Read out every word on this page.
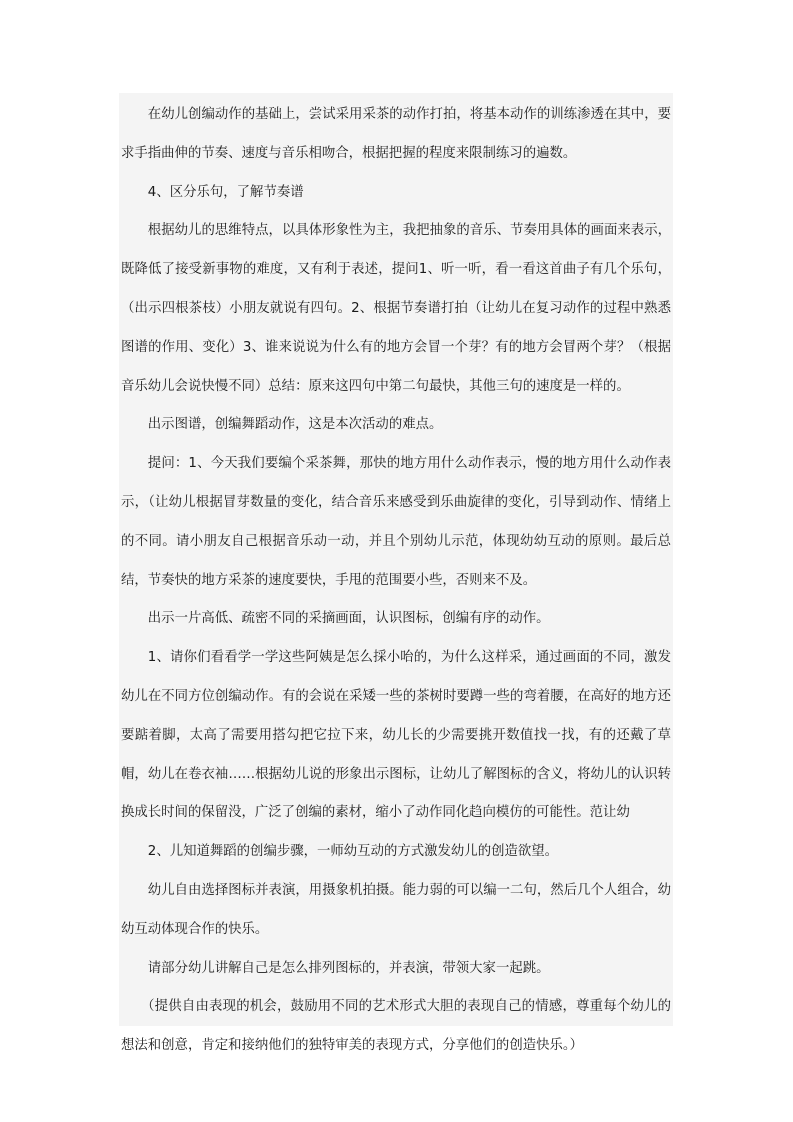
在幼儿创编动作的基础上，尝试采用采茶的动作打拍，将基本动作的训练渗透在其中，要求手指曲伸的节奏、速度与音乐相吻合，根据把握的程度来限制练习的遍数。

4、区分乐句，了解节奏谱

根据幼儿的思维特点，以具体形象性为主，我把抽象的音乐、节奏用具体的画面来表示，既降低了接受新事物的难度，又有利于表述，提问1、听一听，看一看这首曲子有几个乐句，（出示四根茶枝）小朋友就说有四句。2、根据节奏谱打拍（让幼儿在复习动作的过程中熟悉图谱的作用、变化）3、谁来说说为什么有的地方会冒一个芽？有的地方会冒两个芽？（根据音乐幼儿会说快慢不同）总结：原来这四句中第二句最快，其他三句的速度是一样的。

出示图谱，创编舞蹈动作，这是本次活动的难点。

提问：1、今天我们要编个采茶舞，那快的地方用什么动作表示，慢的地方用什么动作表示，（让幼儿根据冒芽数量的变化，结合音乐来感受到乐曲旋律的变化，引导到动作、情绪上的不同。请小朋友自己根据音乐动一动，并且个别幼儿示范，体现幼幼互动的原则。最后总结，节奏快的地方采茶的速度要快，手甩的范围要小些，否则来不及。

出示一片高低、疏密不同的采摘画面，认识图标，创编有序的动作。

1、请你们看看学一学这些阿姨是怎么採小咍的，为什么这样采，通过画面的不同，激发幼儿在不同方位创编动作。有的会说在采矮一些的茶树时要蹲一些的弯着腰，在高好的地方还要踮着脚，太高了需要用搭勾把它拉下来，幼儿长的少需要挑开数值找一找，有的还戴了草帽，幼儿在卷衣袖……根据幼儿说的形象出示图标，让幼儿了解图标的含义，将幼儿的认识转换成长时间的保留没，广泛了创编的素材，缩小了动作同化趋向模仿的可能性。范让幼

2、儿知道舞蹈的创编步骤，一师幼互动的方式激发幼儿的创造欲望。

幼儿自由选择图标并表演，用摄象机拍摄。能力弱的可以编一二句，然后几个人组合，幼幼互动体现合作的快乐。

请部分幼儿讲解自己是怎么排列图标的，并表演，带领大家一起跳。

（提供自由表现的机会，鼓励用不同的艺术形式大胆的表现自己的情感，尊重每个幼儿的想法和创意，肯定和接纳他们的独特审美的表现方式，分享他们的创造快乐。）
